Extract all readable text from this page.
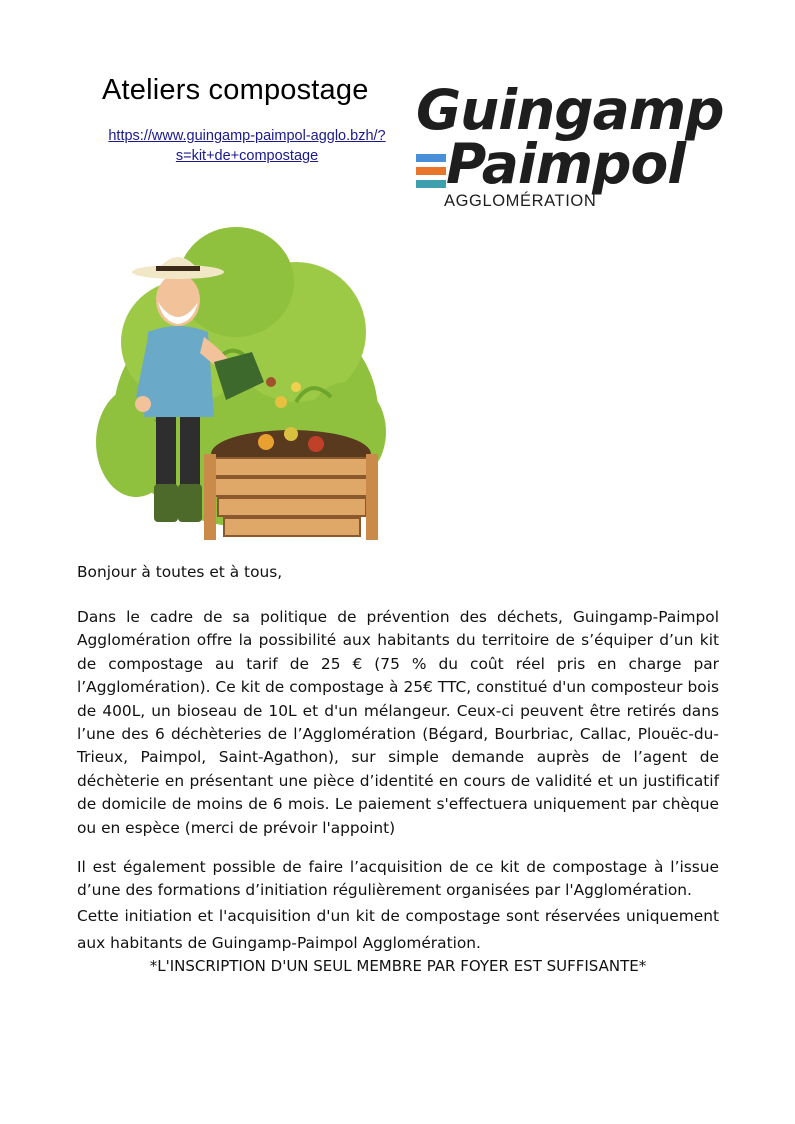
Ateliers compostage
https://www.guingamp-paimpol-agglo.bzh/?
s=kit+de+compostage
Guingamp
Paimpol
AGGLOMÉRATION
Bonjour à toutes et à tous,
Dans le cadre de sa politique de prévention des déchets, Guingamp-Paimpol Agglomération offre la possibilité aux habitants du territoire de s’équiper d’un kit de compostage au tarif de 25 € (75 % du coût réel pris en charge par l’Agglomération). Ce kit de compostage à 25€ TTC, constitué d'un composteur bois de 400L, un bioseau de 10L et d'un mélangeur. Ceux-ci peuvent être retirés dans l’une des 6 déchèteries de l’Agglomération (Bégard, Bourbriac, Callac, Plouëc-du-Trieux, Paimpol, Saint-Agathon), sur simple demande auprès de l’agent de déchèterie en présentant une pièce d’identité en cours de validité et un justificatif de domicile de moins de 6 mois. Le paiement s'effectuera uniquement par chèque ou en espèce (merci de prévoir l'appoint)
Il est également possible de faire l’acquisition de ce kit de compostage à l’issue d’une des formations d’initiation régulièrement organisées par l'Agglomération.
Cette initiation et l'acquisition d'un kit de compostage sont réservées uniquement aux habitants de Guingamp-Paimpol Agglomération.
*L'INSCRIPTION D'UN SEUL MEMBRE PAR FOYER EST SUFFISANTE*
